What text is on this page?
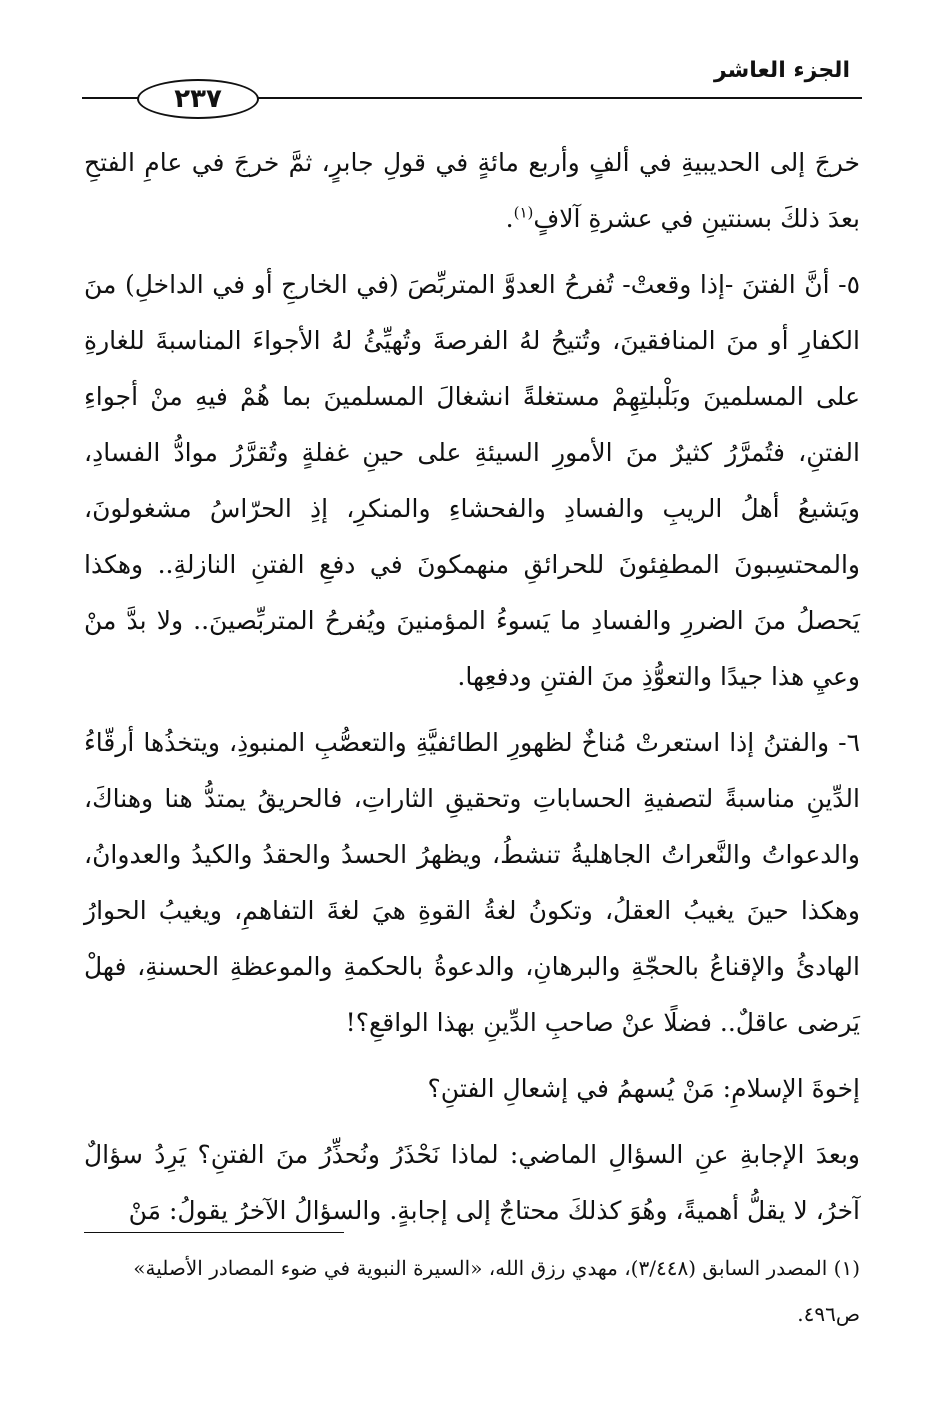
الجزء العاشر
٢٣٧

خرجَ إلى الحديبيةِ في ألفٍ وأربع مائةٍ في قولِ جابرٍ، ثمَّ خرجَ في عامِ الفتحِ بعدَ ذلكَ بسنتينِ في عشرةِ آلافٍ$^{(١)}$.

٥- أنَّ الفتنَ -إذا وقعتْ- تُفرحُ العدوَّ المتربِّصَ (في الخارجِ أو في الداخلِ) منَ الكفارِ أو منَ المنافقينَ، وتُتيحُ لهُ الفرصةَ وتُهيِّئُ لهُ الأجواءَ المناسبةَ للغارةِ على المسلمينَ وبَلْبلتِهِمْ مستغلةً انشغالَ المسلمينَ بما هُمْ فيهِ منْ أجواءِ الفتنِ، فتُمرَّرُ كثيرٌ منَ الأمورِ السيئةِ على حينِ غفلةٍ وتُقرَّرُ موادُّ الفسادِ، ويَشيعُ أهلُ الريبِ والفسادِ والفحشاءِ والمنكرِ، إذِ الحرّاسُ مشغولونَ، والمحتسِبونَ المطفِئونَ للحرائقِ منهمكونَ في دفعِ الفتنِ النازلةِ.. وهكذا يَحصلُ منَ الضررِ والفسادِ ما يَسوءُ المؤمنينَ ويُفرحُ المتربِّصينَ.. ولا بدَّ منْ وعيِ هذا جيدًا والتعوُّذِ منَ الفتنِ ودفعِها.

٦- والفتنُ إذا استعرتْ مُناخٌ لظهورِ الطائفيَّةِ والتعصُّبِ المنبوذِ، ويتخذُها أرقّاءُ الدِّينِ مناسبةً لتصفيةِ الحساباتِ وتحقيقِ الثاراتِ، فالحريقُ يمتدُّ هنا وهناكَ، والدعواتُ والنَّعراتُ الجاهليةُ تنشطُ، ويظهرُ الحسدُ والحقدُ والكيدُ والعدوانُ، وهكذا حينَ يغيبُ العقلُ، وتكونُ لغةُ القوةِ هيَ لغةَ التفاهمِ، ويغيبُ الحوارُ الهادئُ والإقناعُ بالحجّةِ والبرهانِ، والدعوةُ بالحكمةِ والموعظةِ الحسنةِ، فهلْ يَرضى عاقلٌ.. فضلًا عنْ صاحبِ الدِّينِ بهذا الواقعِ؟!

إخوةَ الإسلامِ: مَنْ يُسهمُ في إشعالِ الفتنِ؟

وبعدَ الإجابةِ عنِ السؤالِ الماضي: لماذا نَحْذَرُ ونُحذِّرُ منَ الفتنِ؟ يَرِدُ سؤالٌ آخرُ، لا يقلُّ أهميةً، وهُوَ كذلكَ محتاجٌ إلى إجابةٍ. والسؤالُ الآخرُ يقولُ: مَنْ

(١) المصدر السابق (٣/٤٤٨)، مهدي رزق الله، «السيرة النبوية في ضوء المصادر الأصلية» ص٤٩٦.
